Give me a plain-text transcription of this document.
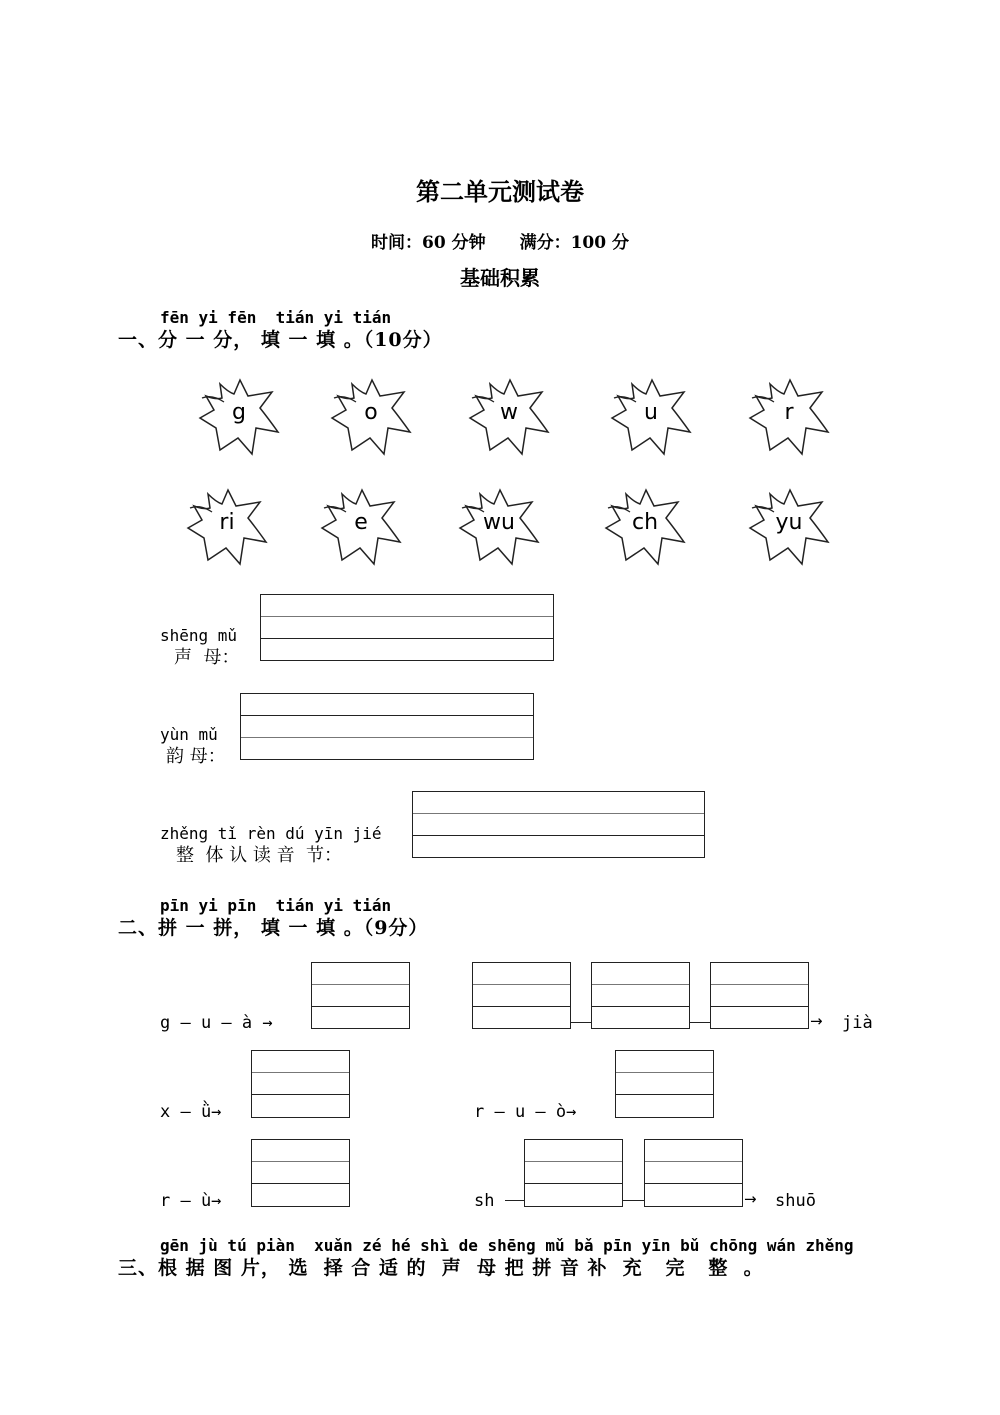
第二单元测试卷
时间：60 分钟 满分：100 分
基础积累
fēn yi fēn  tián yi tián
一、分 一 分， 填 一 填 。（10分）
g	o	w	u	r
ri	e	wu	ch	yu
shēng mǔ
声  母：
yùn mǔ
韵 母：
zhěng tǐ rèn dú yīn jié
整  体 认 读 音  节：
pīn yi pīn  tián yi tián
二、拼 一 拼， 填 一 填 。（9分）
g — u — à →	→ jià
x — ǜ→	r — u — ò→
r — ù→	sh	→ shuō
gēn jù tú piàn  xuǎn zé hé shì de shēng mǔ bǎ pīn yīn bǔ chōng wán zhěng
三、根 据 图 片， 选  择 合 适 的  声  母 把 拼 音 补  充   完   整  。
